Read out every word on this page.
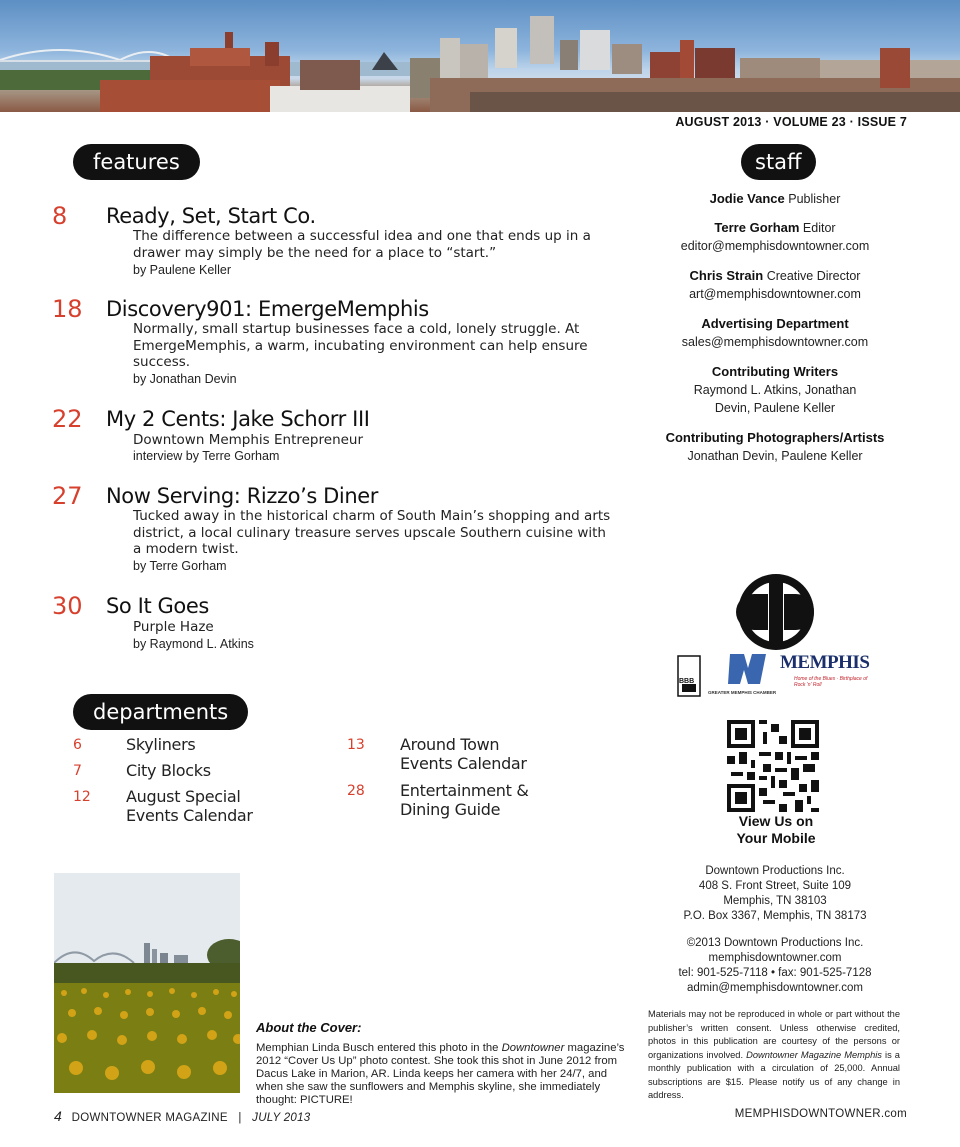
AUGUST 2013 · VOLUME 23 · ISSUE 7
features
8 Ready, Set, Start Co.
The difference between a successful idea and one that ends up in a drawer may simply be the need for a place to “start.”
by Paulene Keller
18 Discovery901: EmergeMemphis
Normally, small startup businesses face a cold, lonely struggle. At EmergeMemphis, a warm, incubating environment can help ensure success.
by Jonathan Devin
22 My 2 Cents: Jake Schorr III
Downtown Memphis Entrepreneur
interview by Terre Gorham
27 Now Serving: Rizzo’s Diner
Tucked away in the historical charm of South Main’s shopping and arts district, a local culinary treasure serves upscale Southern cuisine with a modern twist.
by Terre Gorham
30 So It Goes
Purple Haze
by Raymond L. Atkins
departments
6	Skyliners
7	City Blocks
12 August Special Events Calendar
13 Around Town Events Calendar
28 Entertainment & Dining Guide
staff
Jodie Vance Publisher
Terre Gorham Editor
editor@memphisdowntowner.com
Chris Strain Creative Director
art@memphisdowntowner.com
Advertising Department
sales@memphisdowntowner.com
Contributing Writers
Raymond L. Atkins, Jonathan Devin, Paulene Keller
Contributing Photographers/Artists
Jonathan Devin, Paulene Keller
BBB
GREATER MEMPHIS CHAMBER
MEMPHIS
Home of the Blues · Birthplace of Rock 'n' Roll
View Us on
Your Mobile
Downtown Productions Inc.
408 S. Front Street, Suite 109
Memphis, TN 38103
P.O. Box 3367, Memphis, TN 38173
©2013 Downtown Productions Inc.
memphisdowntowner.com
tel: 901-525-7118 • fax: 901-525-7128
admin@memphisdowntowner.com
Materials may not be reproduced in whole or part without the publisher’s written consent. Unless otherwise credited, photos in this publication are courtesy of the persons or organizations involved. Downtowner Magazine Memphis is a monthly publication with a circulation of 25,000. Annual subscriptions are $15. Please notify us of any change in address.
About the Cover:
Memphian Linda Busch entered this photo in the Downtowner magazine’s 2012 “Cover Us Up” photo contest. She took this shot in June 2012 from Dacus Lake in Marion, AR. Linda keeps her camera with her 24/7, and when she saw the sunflowers and Memphis skyline, she immediately thought: PICTURE!
4 DOWNTOWNER MAGAZINE | JULY 2013	MEMPHISDOWNTOWNER.com
